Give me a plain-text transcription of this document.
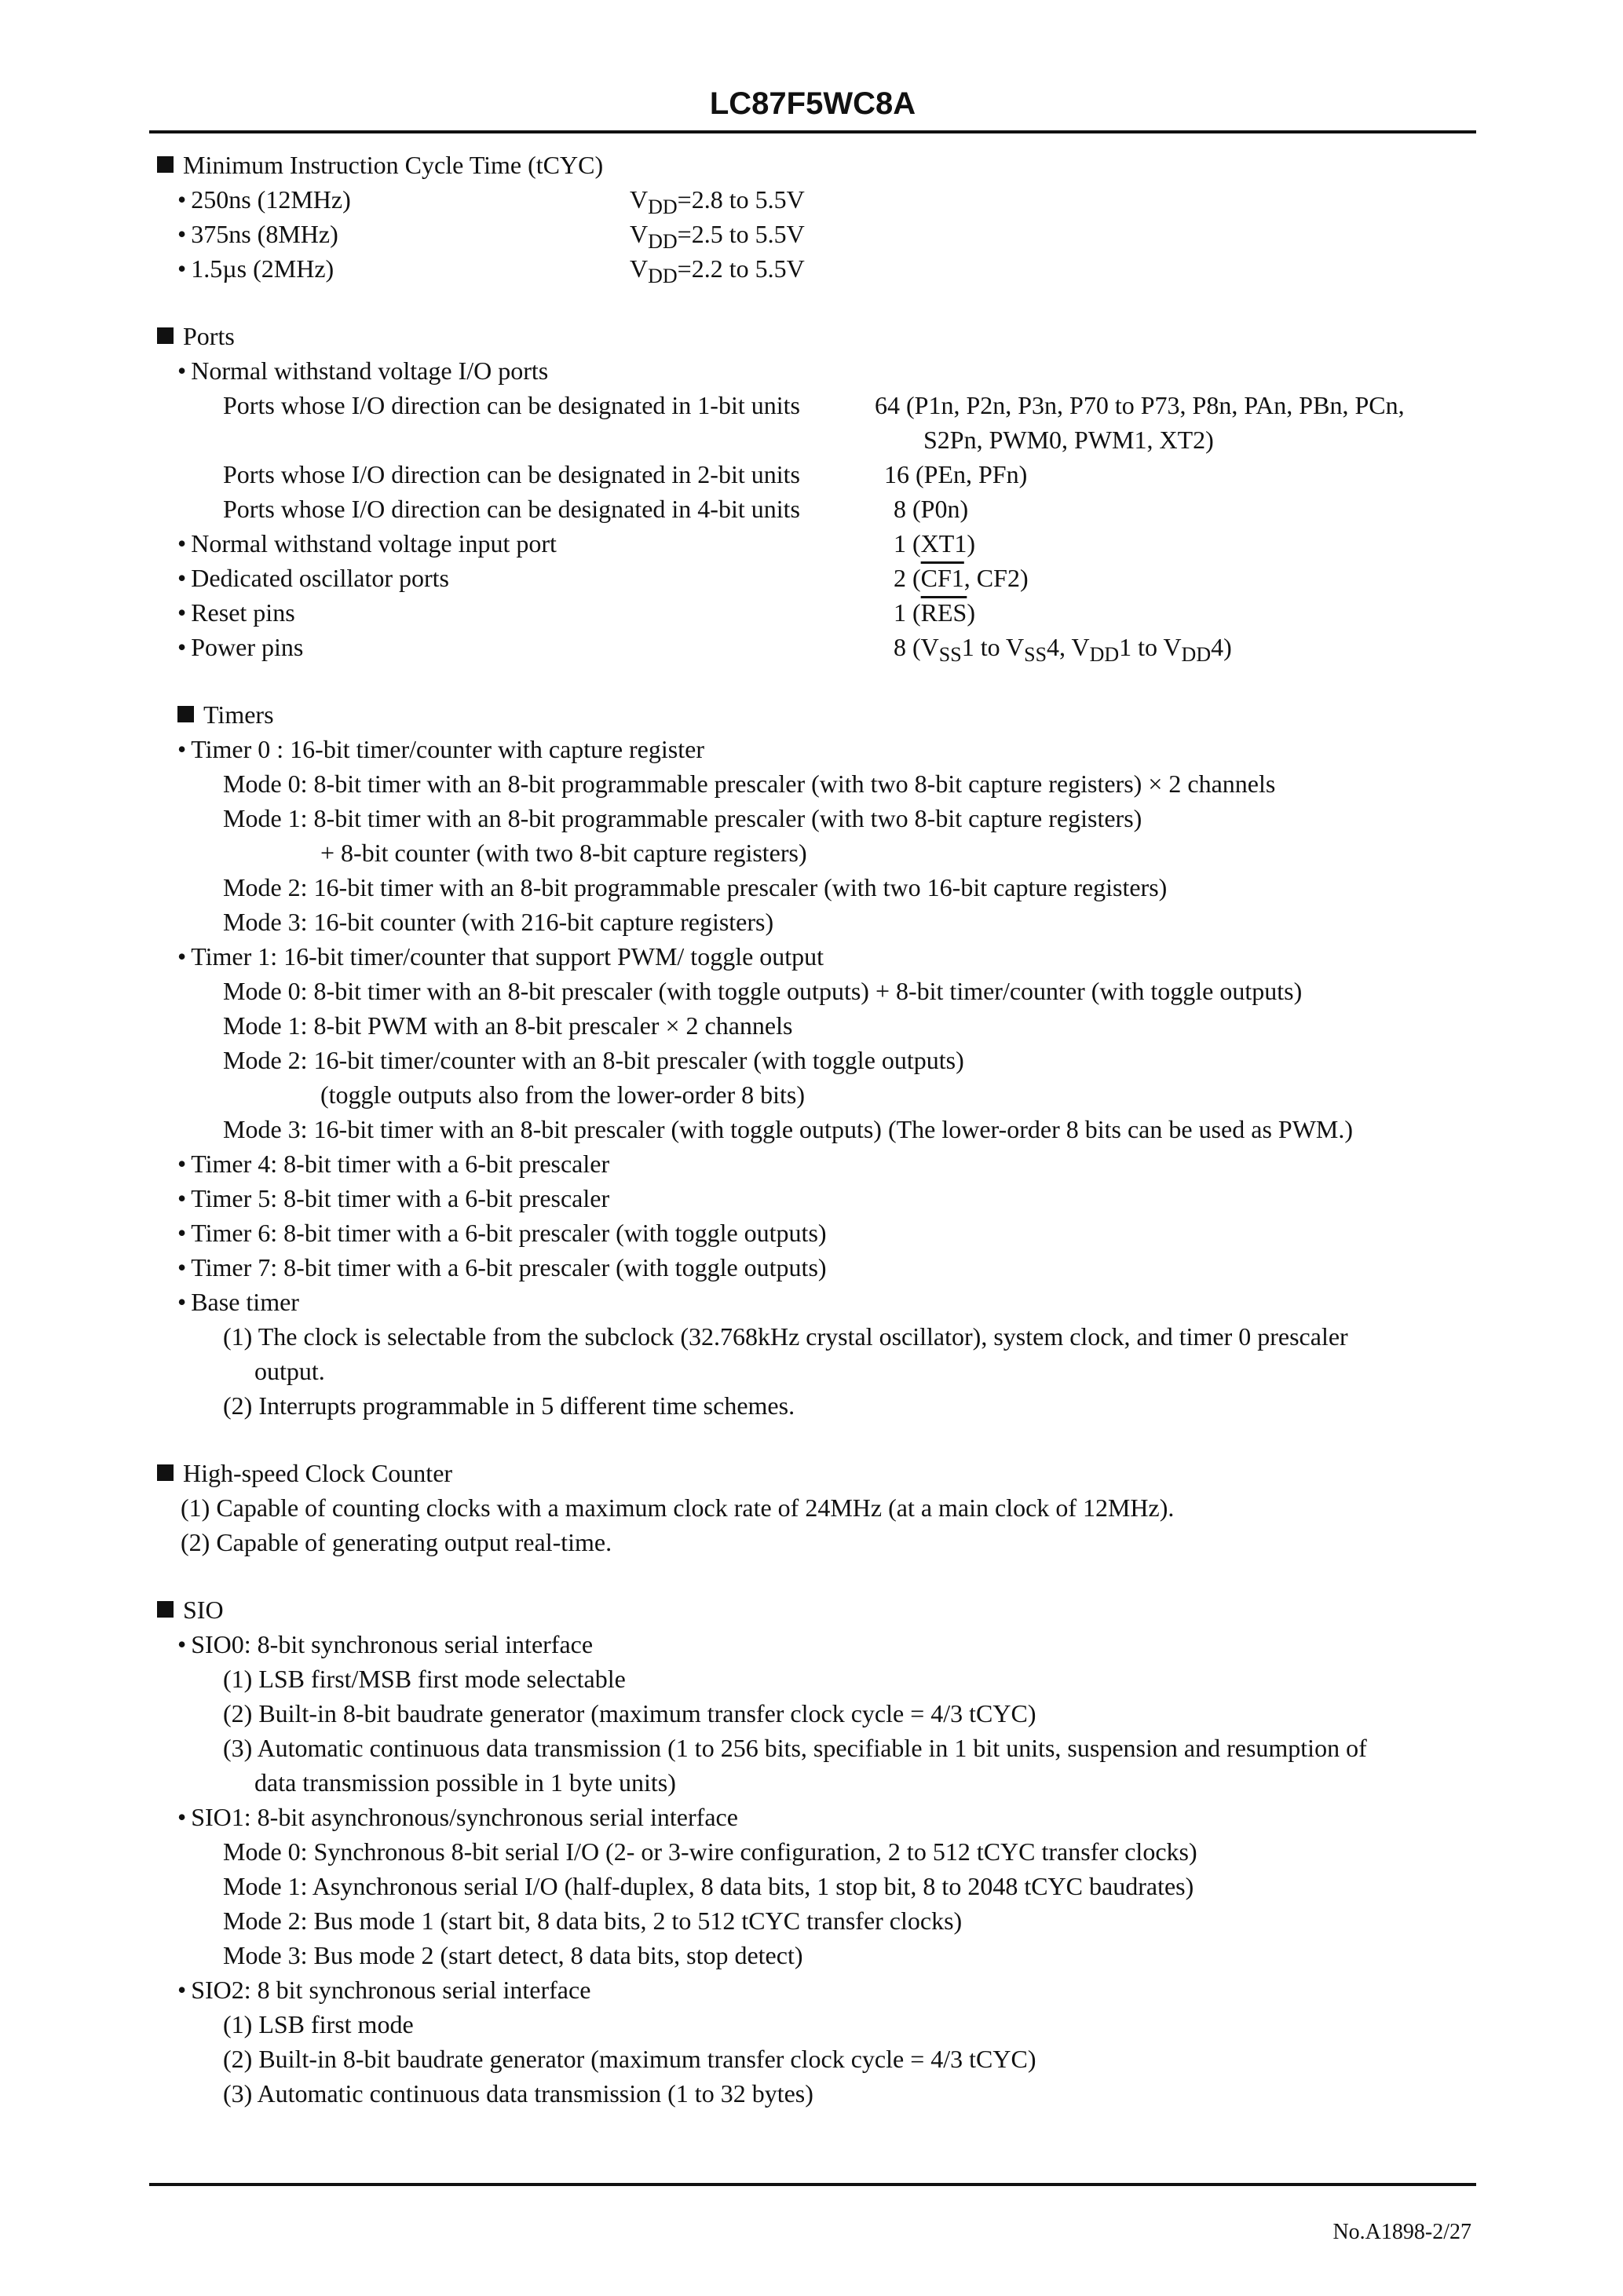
LC87F5WC8A
Minimum Instruction Cycle Time (tCYC)
• 250ns (12MHz)	$V_{DD}=2.8$ to 5.5V
• 375ns (8MHz)	$V_{DD}=2.5$ to 5.5V
• 1.5µs (2MHz)	$V_{DD}=2.2$ to 5.5V
Ports
• Normal withstand voltage I/O ports
Ports whose I/O direction can be designated in 1-bit units	64 (P1n, P2n, P3n, P70 to P73, P8n, PAn, PBn, PCn,
S2Pn, PWM0, PWM1, XT2)
Ports whose I/O direction can be designated in 2-bit units	16 (PEn, PFn)
Ports whose I/O direction can be designated in 4-bit units	8 (P0n)
• Normal withstand voltage input port	1 (XT1)
• Dedicated oscillator ports	2 (CF1, CF2)
• Reset pins	1 $(\overline{RES})$
• Power pins	8 ($V_{SS}1$ to $V_{SS}4$, $V_{DD}1$ to $V_{DD}4$)
Timers
• Timer 0 : 16-bit timer/counter with capture register
Mode 0: 8-bit timer with an 8-bit programmable prescaler (with two 8-bit capture registers) × 2 channels
Mode 1: 8-bit timer with an 8-bit programmable prescaler (with two 8-bit capture registers)
+ 8-bit counter (with two 8-bit capture registers)
Mode 2: 16-bit timer with an 8-bit programmable prescaler (with two 16-bit capture registers)
Mode 3: 16-bit counter (with 216-bit capture registers)
• Timer 1: 16-bit timer/counter that support PWM/ toggle output
Mode 0: 8-bit timer with an 8-bit prescaler (with toggle outputs) + 8-bit timer/counter (with toggle outputs)
Mode 1: 8-bit PWM with an 8-bit prescaler × 2 channels
Mode 2: 16-bit timer/counter with an 8-bit prescaler (with toggle outputs)
(toggle outputs also from the lower-order 8 bits)
Mode 3: 16-bit timer with an 8-bit prescaler (with toggle outputs) (The lower-order 8 bits can be used as PWM.)
• Timer 4: 8-bit timer with a 6-bit prescaler
• Timer 5: 8-bit timer with a 6-bit prescaler
• Timer 6: 8-bit timer with a 6-bit prescaler (with toggle outputs)
• Timer 7: 8-bit timer with a 6-bit prescaler (with toggle outputs)
• Base timer
(1) The clock is selectable from the subclock (32.768kHz crystal oscillator), system clock, and timer 0 prescaler
output.
(2) Interrupts programmable in 5 different time schemes.
High-speed Clock Counter
(1) Capable of counting clocks with a maximum clock rate of 24MHz (at a main clock of 12MHz).
(2) Capable of generating output real-time.
SIO
• SIO0: 8-bit synchronous serial interface
(1) LSB first/MSB first mode selectable
(2) Built-in 8-bit baudrate generator (maximum transfer clock cycle = 4/3 tCYC)
(3) Automatic continuous data transmission (1 to 256 bits, specifiable in 1 bit units, suspension and resumption of
data transmission possible in 1 byte units)
• SIO1: 8-bit asynchronous/synchronous serial interface
Mode 0: Synchronous 8-bit serial I/O (2- or 3-wire configuration, 2 to 512 tCYC transfer clocks)
Mode 1: Asynchronous serial I/O (half-duplex, 8 data bits, 1 stop bit, 8 to 2048 tCYC baudrates)
Mode 2: Bus mode 1 (start bit, 8 data bits, 2 to 512 tCYC transfer clocks)
Mode 3: Bus mode 2 (start detect, 8 data bits, stop detect)
• SIO2: 8 bit synchronous serial interface
(1) LSB first mode
(2) Built-in 8-bit baudrate generator (maximum transfer clock cycle = 4/3 tCYC)
(3) Automatic continuous data transmission (1 to 32 bytes)
No.A1898-2/27
